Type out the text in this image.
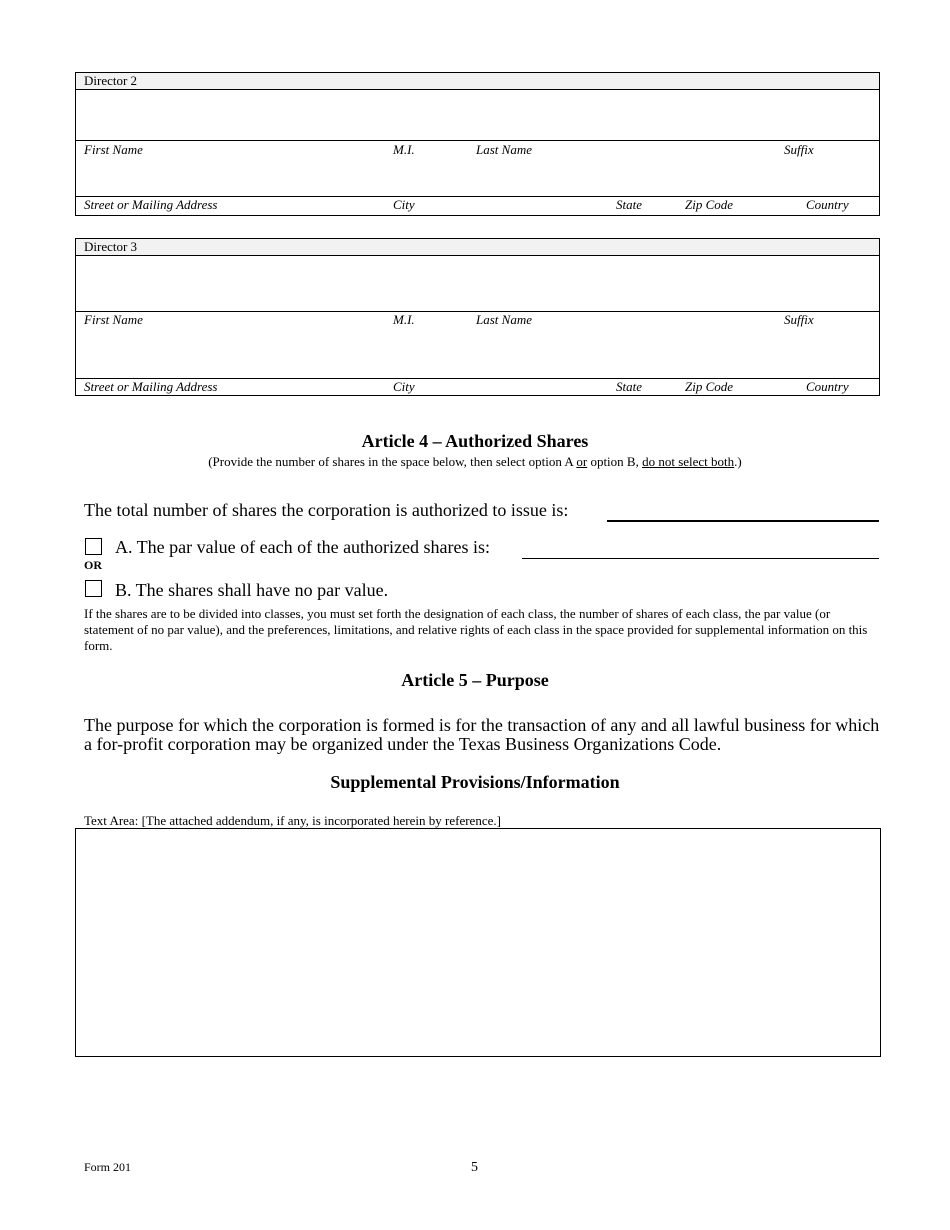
Director 2
First Name	M.I.	Last Name	Suffix
Street or Mailing Address	City	State	Zip Code	Country
Director 3
First Name	M.I.	Last Name	Suffix
Street or Mailing Address	City	State	Zip Code	Country
Article 4 – Authorized Shares
(Provide the number of shares in the space below, then select option A or option B, do not select both.)
The total number of shares the corporation is authorized to issue is:
A. The par value of each of the authorized shares is:
OR
B. The shares shall have no par value.
If the shares are to be divided into classes, you must set forth the designation of each class, the number of shares of each class, the par value (or statement of no par value), and the preferences, limitations, and relative rights of each class in the space provided for supplemental information on this form.
Article 5 – Purpose
The purpose for which the corporation is formed is for the transaction of any and all lawful business for which a for-profit corporation may be organized under the Texas Business Organizations Code.
Supplemental Provisions/Information
Text Area: [The attached addendum, if any, is incorporated herein by reference.]
Form 201	5
